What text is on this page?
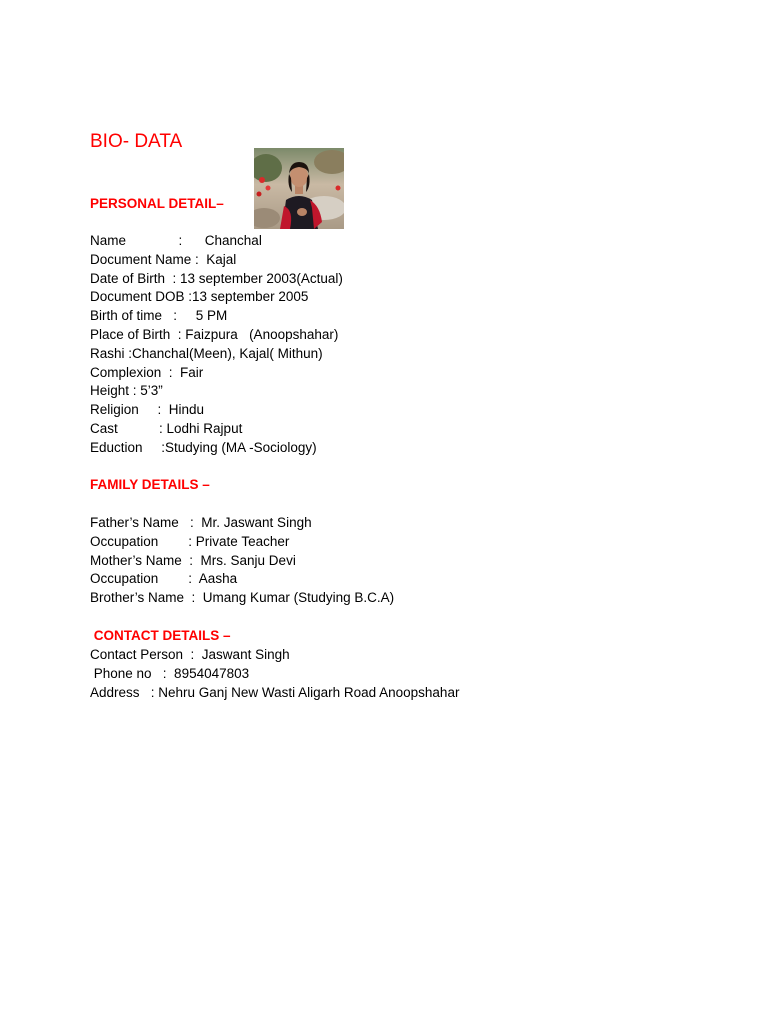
BIO- DATA
PERSONAL DETAIL–
Name              :      Chanchal
Document Name :  Kajal
Date of Birth  : 13 september 2003(Actual)
Document DOB :13 september 2005
Birth of time   :     5 PM
Place of Birth  : Faizpura   (Anoopshahar)
Rashi :Chanchal(Meen), Kajal( Mithun)
Complexion  :  Fair
Height : 5’3”
Religion     :  Hindu
Cast           : Lodhi Rajput
Eduction     :Studying (MA -Sociology)
FAMILY DETAILS –
Father’s Name   :  Mr. Jaswant Singh
Occupation        : Private Teacher
Mother’s Name  :  Mrs. Sanju Devi
Occupation        :  Aasha
Brother’s Name  :  Umang Kumar (Studying B.C.A)
CONTACT DETAILS –
Contact Person  :  Jaswant Singh
Phone no   :  8954047803
Address   : Nehru Ganj New Wasti Aligarh Road Anoopshahar
